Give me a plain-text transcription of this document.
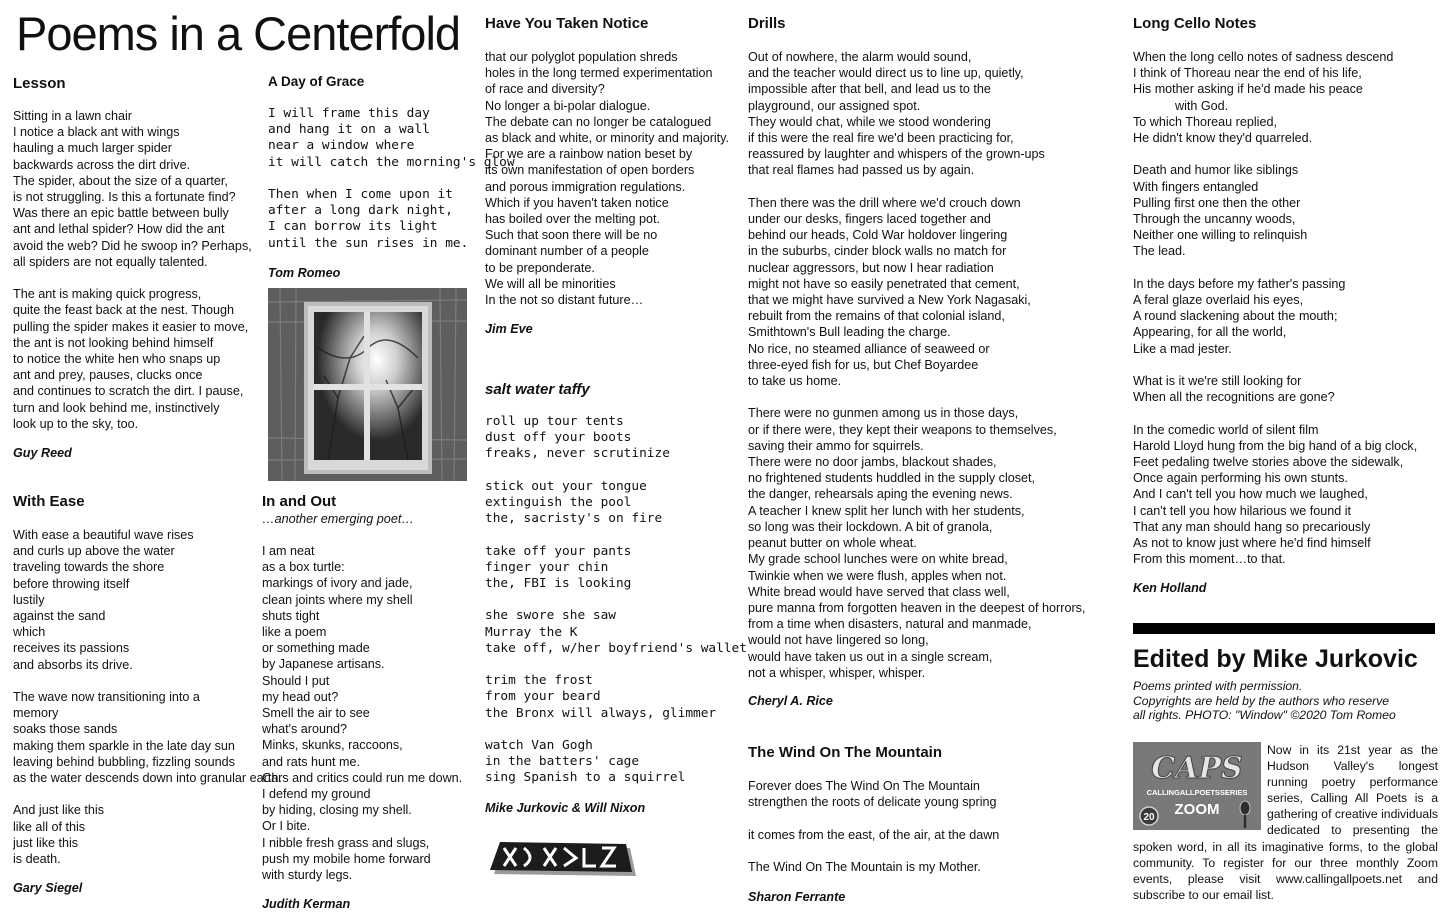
Poems in a Centerfold
Lesson
Sitting in a lawn chair
I notice a black ant with wings
hauling a much larger spider
backwards across the dirt drive.
The spider, about the size of a quarter,
is not struggling. Is this a fortunate find?
Was there an epic battle between bully
ant and lethal spider? How did the ant
avoid the web? Did he swoop in? Perhaps,
all spiders are not equally talented.

The ant is making quick progress,
quite the feast back at the nest. Though
pulling the spider makes it easier to move,
the ant is not looking behind himself
to notice the white hen who snaps up
ant and prey, pauses, clucks once
and continues to scratch the dirt. I pause,
turn and look behind me, instinctively
look up to the sky, too.
Guy Reed
With Ease
With ease a beautiful wave rises
and curls up above the water
traveling towards the shore
before throwing itself
lustily
against the sand
which
receives its passions
and absorbs its drive.

The wave now transitioning into a
memory
soaks those sands
making them sparkle in the late day sun
leaving behind bubbling, fizzling sounds
as the water descends down into granular earth.

And just like this
like all of this
just like this
is death.
Gary Siegel
A Day of Grace
I will frame this day
and hang it on a wall
near a window where
it will catch the morning's glow

Then when I come upon it
after a long dark night,
I can borrow its light
until the sun rises in me.
Tom Romeo
In and Out
…another emerging poet…
I am neat
as a box turtle:
markings of ivory and jade,
clean joints where my shell
shuts tight
like a poem
or something made
by Japanese artisans.
Should I put
my head out?
Smell the air to see
what's around?
Minks, skunks, raccoons,
and rats hunt me.
Cars and critics could run me down.
I defend my ground
by hiding, closing my shell.
Or I bite.
I nibble fresh grass and slugs,
push my mobile home forward
with sturdy legs.
Judith Kerman
Have You Taken Notice
that our polyglot population shreds
holes in the long termed experimentation
of race and diversity?
No longer a bi-polar dialogue.
The debate can no longer be catalogued
as black and white, or minority and majority.
For we are a rainbow nation beset by
its own manifestation of open borders
and porous immigration regulations.
Which if you haven't taken notice
has boiled over the melting pot.
Such that soon there will be no
dominant number of a people
to be preponderate.
We will all be minorities
In the not so distant future…
Jim Eve
salt water taffy
roll up tour tents
dust off your boots
freaks, never scrutinize

stick out your tongue
extinguish the pool
the, sacristy's on fire

take off your pants
finger your chin
the, FBI is looking

she swore she saw
Murray the K
take off, w/her boyfriend's wallet

trim the frost
from your beard
the Bronx will always, glimmer

watch Van Gogh
in the batters' cage
sing Spanish to a squirrel
Mike Jurkovic & Will Nixon
Drills
Out of nowhere, the alarm would sound,
and the teacher would direct us to line up, quietly,
impossible after that bell, and lead us to the
playground, our assigned spot.
They would chat, while we stood wondering
if this were the real fire we'd been practicing for,
reassured by laughter and whispers of the grown-ups
that real flames had passed us by again.

Then there was the drill where we'd crouch down
under our desks, fingers laced together and
behind our heads, Cold War holdover lingering
in the suburbs, cinder block walls no match for
nuclear aggressors, but now I hear radiation
might not have so easily penetrated that cement,
that we might have survived a New York Nagasaki,
rebuilt from the remains of that colonial island,
Smithtown's Bull leading the charge.
No rice, no steamed alliance of seaweed or
three-eyed fish for us, but Chef Boyardee
to take us home.

There were no gunmen among us in those days,
or if there were, they kept their weapons to themselves,
saving their ammo for squirrels.
There were no door jambs, blackout shades,
no frightened students huddled in the supply closet,
the danger, rehearsals aping the evening news.
A teacher I knew split her lunch with her students,
so long was their lockdown. A bit of granola,
peanut butter on whole wheat.
My grade school lunches were on white bread,
Twinkie when we were flush, apples when not.
White bread would have served that class well,
pure manna from forgotten heaven in the deepest of horrors,
from a time when disasters, natural and manmade,
would not have lingered so long,
would have taken us out in a single scream,
not a whisper, whisper, whisper.
Cheryl A. Rice
The Wind On The Mountain
Forever does The Wind On The Mountain
strengthen the roots of delicate young spring

it comes from the east, of the air, at the dawn

The Wind On The Mountain is my Mother.
Sharon Ferrante
Long Cello Notes
When the long cello notes of sadness descend
I think of Thoreau near the end of his life,
His mother asking if he'd made his peace
with God.
To which Thoreau replied,
He didn't know they'd quarreled.

Death and humor like siblings
With fingers entangled
Pulling first one then the other
Through the uncanny woods,
Neither one willing to relinquish
The lead.

In the days before my father's passing
A feral glaze overlaid his eyes,
A round slackening about the mouth;
Appearing, for all the world,
Like a mad jester.

What is it we're still looking for
When all the recognitions are gone?

In the comedic world of silent film
Harold Lloyd hung from the big hand of a big clock,
Feet pedaling twelve stories above the sidewalk,
Once again performing his own stunts.
And I can't tell you how much we laughed,
I can't tell you how hilarious we found it
That any man should hang so precariously
As not to know just where he'd find himself
From this moment…to that.
Ken Holland
Edited by Mike Jurkovic
Poems printed with permission.
Copyrights are held by the authors who reserve
all rights. PHOTO: "Window" ©2020 Tom Romeo
Now in its 21st year as the Hudson Valley's longest running poetry performance series, Calling All Poets is a gathering of creative individuals dedicated to presenting the spoken word, in all its imaginative forms, to the global community. To register for our three monthly Zoom events, please visit www.callingallpoets.net and subscribe to our email list.
CAPS
CALLINGALLPOETSSERIES
ZOOM
20
